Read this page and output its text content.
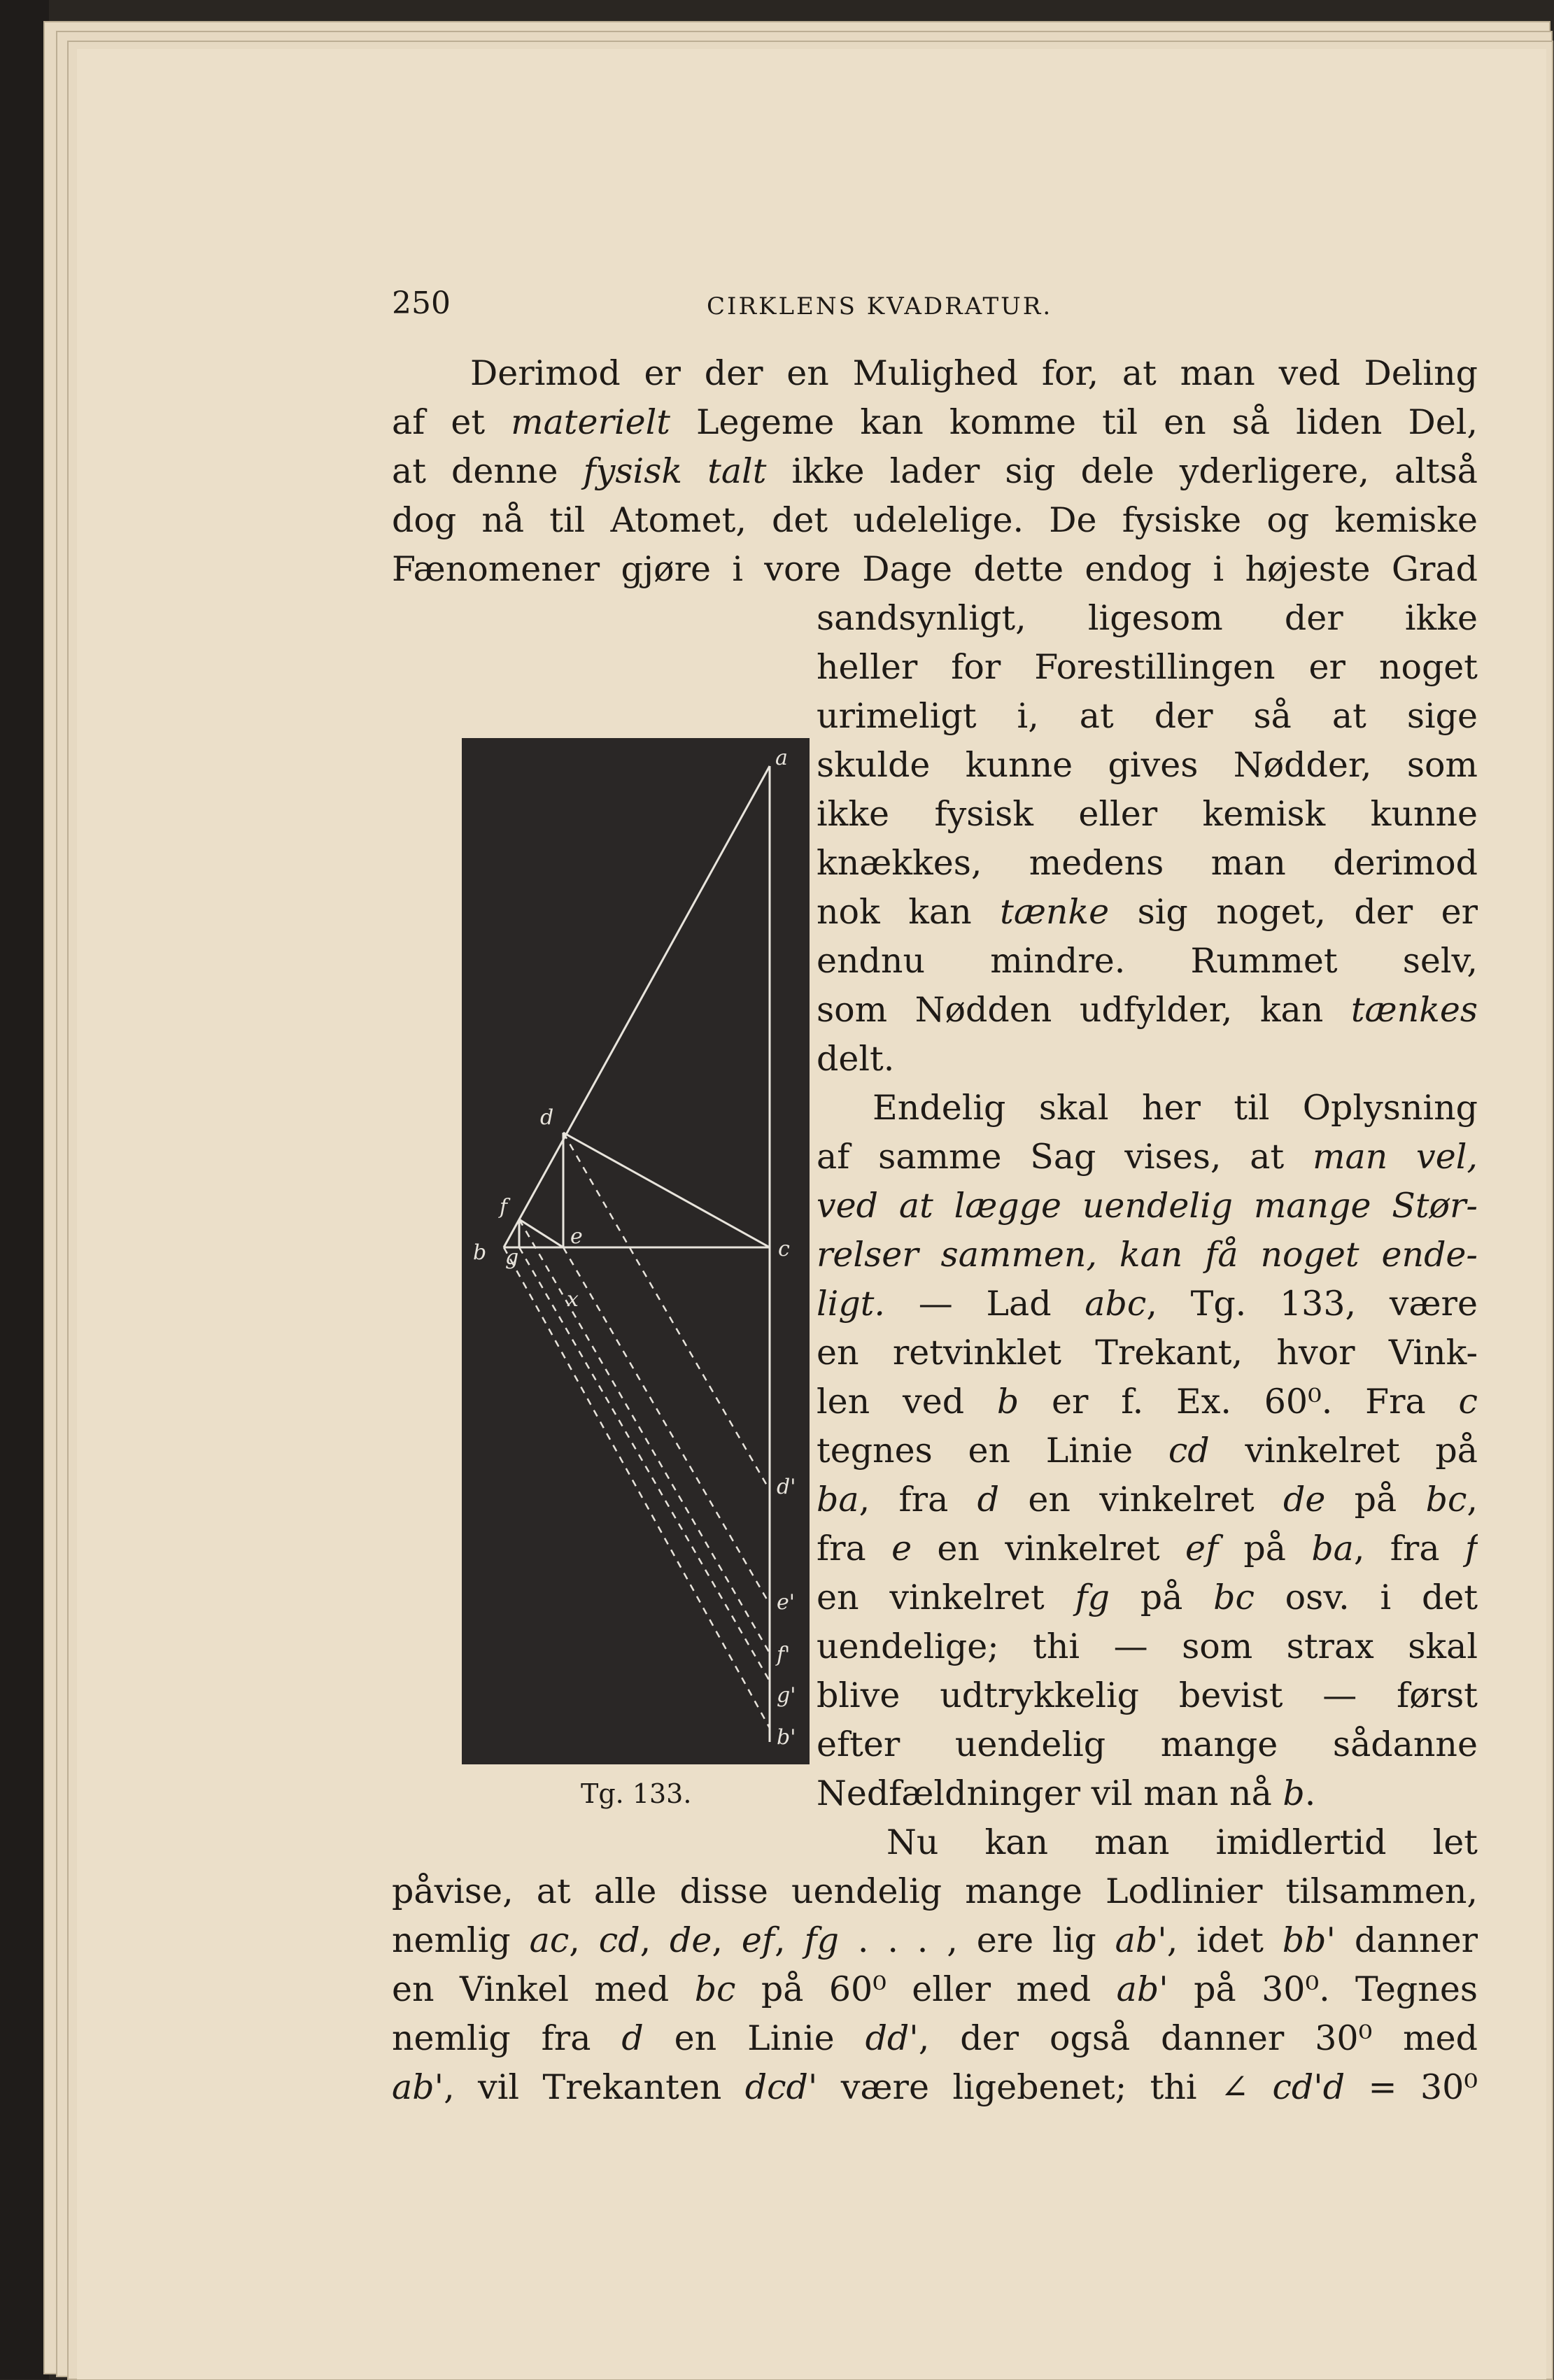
250	CIRKLENS KVADRATUR.
Derimod er der en Mulighed for, at man ved Deling
af et materielt Legeme kan komme til en så liden Del,
at denne fysisk talt ikke lader sig dele yderligere, altså
dog nå til Atomet, det udelelige. De fysiske og kemiske
Fænomener gjøre i vore Dage dette endog i højeste Grad
sandsynligt, ligesom der ikke
heller for Forestillingen er noget
urimeligt i, at der så at sige
skulde kunne gives Nødder, som
ikke fysisk eller kemisk kunne
knækkes, medens man derimod
nok kan tænke sig noget, der er
endnu mindre. Rummet selv,
som Nødden udfylder, kan tænkes
delt.
Endelig skal her til Oplysning
af samme Sag vises, at man vel,
ved at lægge uendelig mange Stør-
relser sammen, kan få noget ende-
ligt. — Lad abc, Tg. 133, være
en retvinklet Trekant, hvor Vink-
len ved b er f. Ex. 60⁰. Fra c
tegnes en Linie cd vinkelret på
ba, fra d en vinkelret de på bc,
fra e en vinkelret ef på ba, fra f
en vinkelret fg på bc osv. i det
uendelige; thi — som strax skal
blive udtrykkelig bevist — først
efter uendelig mange sådanne
Nedfældninger vil man nå b.
Nu kan man imidlertid let
påvise, at alle disse uendelig mange Lodlinier tilsammen,
nemlig ac, cd, de, ef, fg . . . , ere lig ab', idet bb' danner
en Vinkel med bc på 60⁰ eller med ab' på 30⁰. Tegnes
nemlig fra d en Linie dd', der også danner 30⁰ med
ab', vil Trekanten dcd' være ligebenet; thi ∠ cd'd = 30⁰
a
d
f
b
e
c
g
x
d'
e'
f'
g'
b'
Tg. 133.
